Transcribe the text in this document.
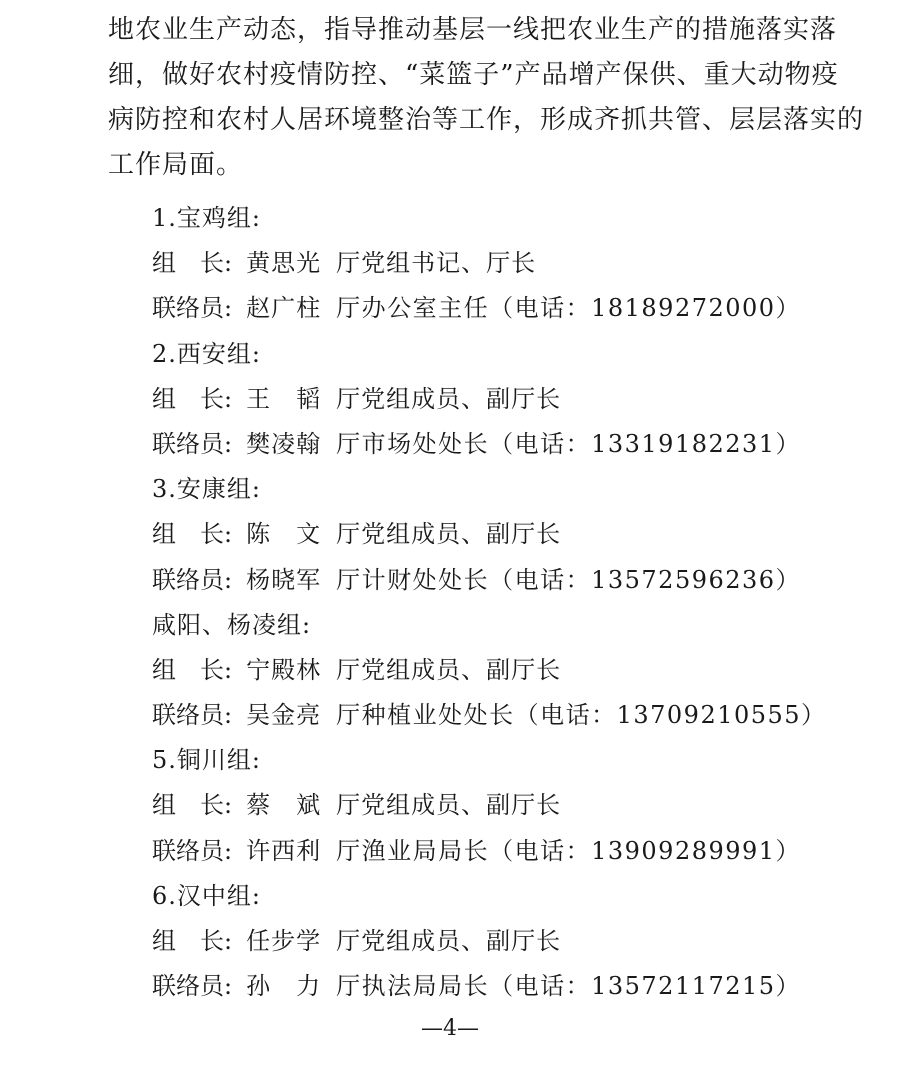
地农业生产动态，指导推动基层一线把农业生产的措施落实落
细，做好农村疫情防控、“菜篮子”产品增产保供、重大动物疫
病防控和农村人居环境整治等工作，形成齐抓共管、层层落实的
工作局面。
1.宝鸡组:
组　长: 黄思光 厅党组书记、厅长
联络员: 赵广柱 厅办公室主任（电话：18189272000）
2.西安组:
组　长: 王　韬 厅党组成员、副厅长
联络员: 樊凌翰 厅市场处处长（电话：13319182231）
3.安康组:
组　长: 陈　文 厅党组成员、副厅长
联络员: 杨晓军 厅计财处处长（电话：13572596236）
咸阳、杨凌组:
组　长: 宁殿林 厅党组成员、副厅长
联络员: 吴金亮 厅种植业处处长（电话：13709210555）
5.铜川组:
组　长: 蔡　斌 厅党组成员、副厅长
联络员: 许西利 厅渔业局局长（电话：13909289991）
6.汉中组:
组　长: 任步学 厅党组成员、副厅长
联络员: 孙　力 厅执法局局长（电话：13572117215）
—4—
